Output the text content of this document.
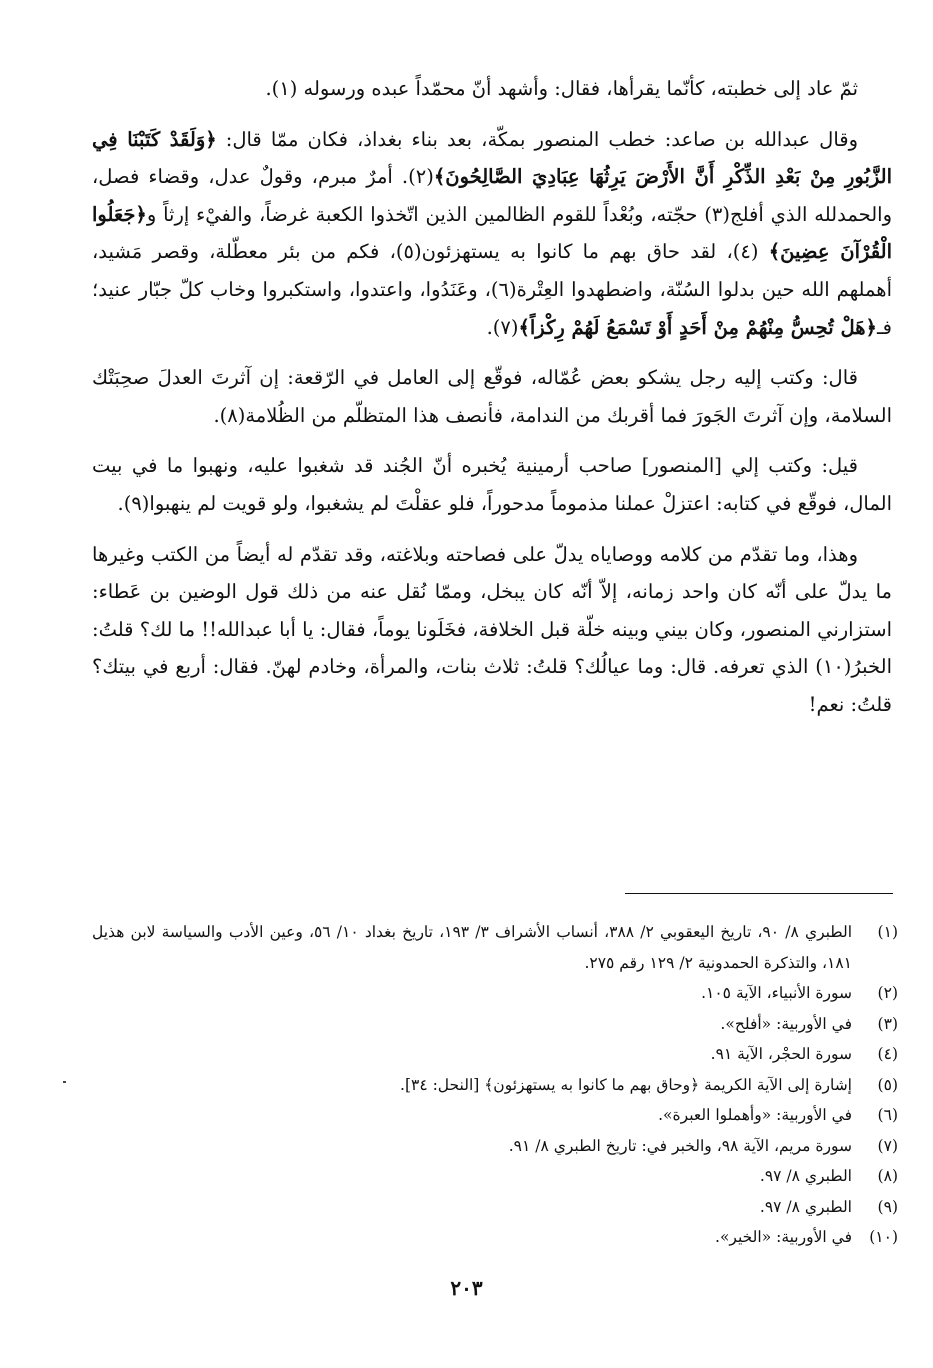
ثمّ عاد إلى خطبته، كأنّما يقرأها، فقال: وأشهد أنّ محمّداً عبده ورسوله (١).

وقال عبدالله بن صاعد: خطب المنصور بمكّة، بعد بناء بغداذ، فكان ممّا قال: ﴿وَلَقَدْ كَتَبْنَا فِي الزَّبُورِ مِنْ بَعْدِ الذِّكْرِ أَنَّ الأَرْضَ يَرِثُهَا عِبَادِيَ الصَّالِحُونَ﴾(٢). أمرٌ مبرم، وقولٌ عدل، وقضاء فصل، والحمدلله الذي أفلج(٣) حجّته، وبُعْداً للقوم الظالمين الذين اتّخذوا الكعبة غرضاً، والفيْء إرثاً و﴿جَعَلُوا الْقُرْآنَ عِضِينَ﴾ (٤)، لقد حاق بهم ما كانوا به يستهزئون(٥)، فكم من بئر معطّلة، وقصر مَشيد، أهملهم الله حين بدلوا السُنّة، واضطهدوا العِتْرة(٦)، وعَنَدُوا، واعتدوا، واستكبروا وخاب كلّ جبّار عنيد؛ فـ﴿هَلْ تُحِسُّ مِنْهُمْ مِنْ أَحَدٍ أَوْ تَسْمَعُ لَهُمْ رِكْزاً﴾(٧).

قال: وكتب إليه رجل يشكو بعض عُمّاله، فوقّع إلى العامل في الرّقعة: إن آثرتَ العدلَ صحِبَتْك السلامة، وإن آثرتَ الجَورَ فما أقربك من الندامة، فأنصف هذا المتظلّم من الظُلامة(٨).

قيل: وكتب إلي [المنصور] صاحب أرمينية يُخبره أنّ الجُند قد شغبوا عليه، ونهبوا ما في بيت المال، فوقّع في كتابه: اعتزلْ عملنا مذموماً مدحوراً، فلو عقلْتَ لم يشغبوا، ولو قويت لم ينهبوا(٩).

وهذا، وما تقدّم من كلامه ووصاياه يدلّ على فصاحته وبلاغته، وقد تقدّم له أيضاً من الكتب وغيرها ما يدلّ على أنّه كان واحد زمانه، إلاّ أنّه كان يبخل، وممّا نُقل عنه من ذلك قول الوضين بن عَطاء: استزارني المنصور، وكان بيني وبينه خلّة قبل الخلافة، فخَلَونا يوماً، فقال: يا أبا عبدالله!! ما لك؟ قلتُ: الخبرُ(١٠) الذي تعرفه. قال: وما عيالُك؟ قلتُ: ثلاث بنات، والمرأة، وخادم لهنّ. فقال: أربع في بيتك؟ قلتُ: نعم!

(١)
الطبري ٨/ ٩٠، تاريخ اليعقوبي ٢/ ٣٨٨، أنساب الأشراف ٣/ ١٩٣، تاريخ بغداد ١٠/ ٥٦، وعين الأدب والسياسة لابن هذيل ١٨١، والتذكرة الحمدونية ٢/ ١٢٩ رقم ٢٧٥.
(٢)
سورة الأنبياء، الآية ١٠٥.
(٣)
في الأوربية: «أفلح».
(٤)
سورة الحجْر، الآية ٩١.
(٥)
إشارة إلى الآية الكريمة ﴿وحاق بهم ما كانوا به يستهزئون﴾ [النحل: ٣٤].
(٦)
في الأوربية: «وأهملوا العبرة».
(٧)
سورة مريم، الآية ٩٨، والخبر في: تاريخ الطبري ٨/ ٩١.
(٨)
الطبري ٨/ ٩٧.
(٩)
الطبري ٨/ ٩٧.
(١٠)
في الأوربية: «الخير».
٢٠٣
